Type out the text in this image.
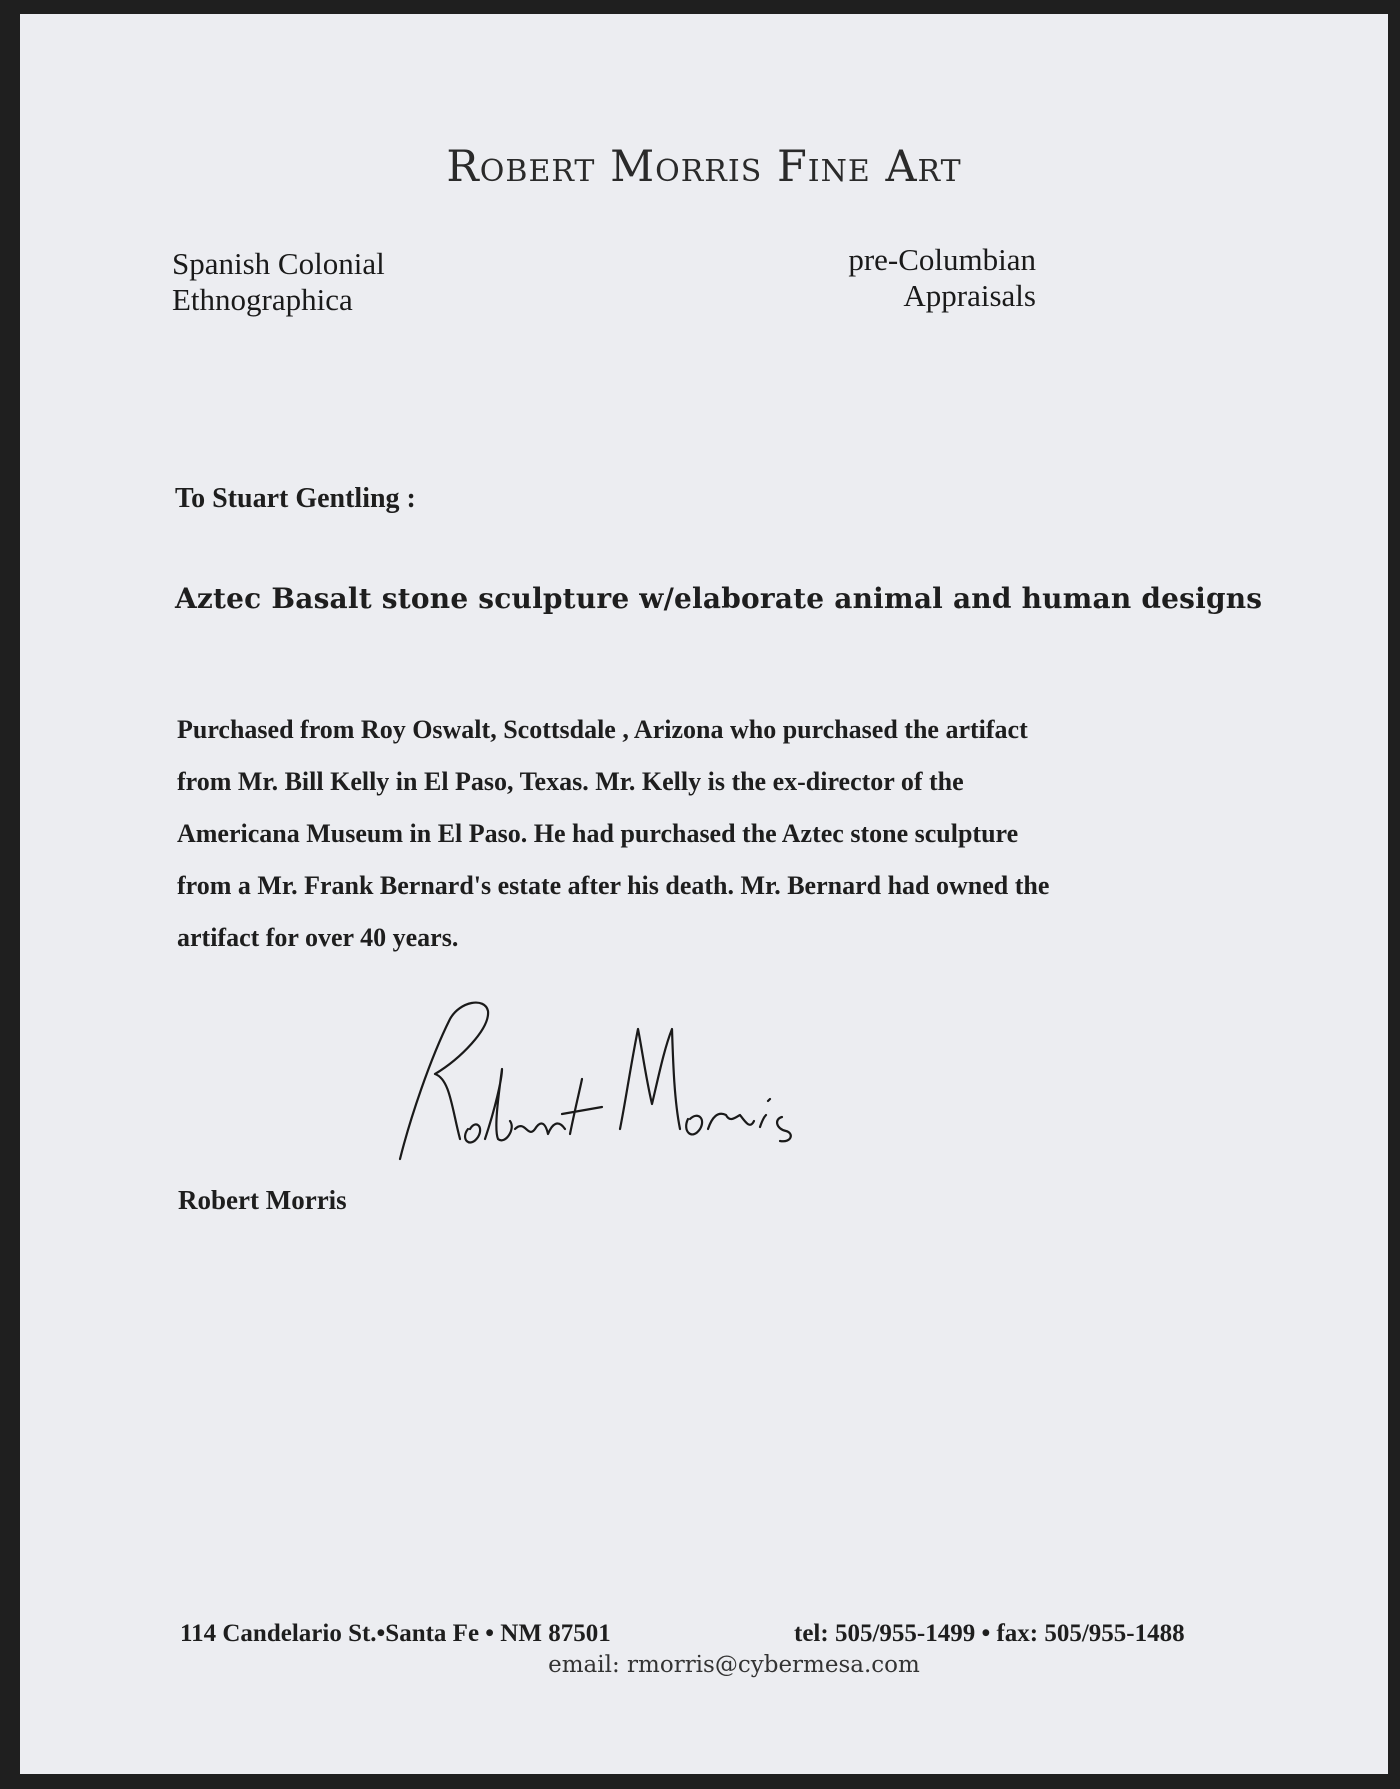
Robert Morris Fine Art
Spanish Colonial
Ethnographica
pre-Columbian
Appraisals
To Stuart Gentling :
Aztec Basalt stone sculpture w/elaborate animal and human designs
Purchased from Roy Oswalt, Scottsdale , Arizona who purchased the artifact
from Mr. Bill Kelly in El Paso, Texas. Mr. Kelly is the ex-director of the
Americana Museum in El Paso. He had purchased the Aztec stone sculpture
from a Mr. Frank Bernard's estate after his death. Mr. Bernard had owned the
artifact for over 40 years.
Robert Morris
114 Candelario St.•Santa Fe • NM 87501	tel: 505/955-1499 • fax: 505/955-1488
email: rmorris@cybermesa.com
